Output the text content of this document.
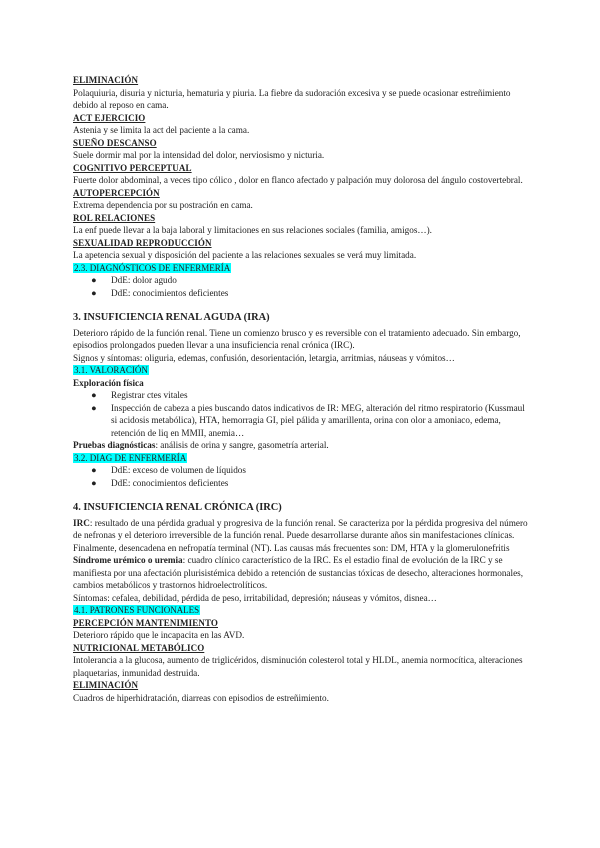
ELIMINACIÓN

Polaquiuria, disuria y nicturia, hematuria y piuria. La fiebre da sudoración excesiva y se puede ocasionar estreñimiento debido al reposo en cama.

ACT EJERCICIO

Astenia y se limita la act del paciente a la cama.

SUEÑO DESCANSO

Suele dormir mal por la intensidad del dolor, nerviosismo y nicturia.

COGNITIVO PERCEPTUAL

Fuerte dolor abdominal, a veces tipo cólico , dolor en flanco afectado y palpación muy dolorosa del ángulo costovertebral.

AUTOPERCEPCIÓN

Extrema dependencia por su postración en cama.

ROL RELACIONES

La enf puede llevar a la baja laboral y limitaciones en sus relaciones sociales (familia, amigos…).

SEXUALIDAD REPRODUCCIÓN

La apetencia sexual y disposición del paciente a las relaciones sexuales se verá muy limitada.

2.3. DIAGNÓSTICOS DE ENFERMERÍA
● DdE: dolor agudo
● DdE: conocimientos deficientes
3. INSUFICIENCIA RENAL AGUDA (IRA)

Deterioro rápido de la función renal. Tiene un comienzo brusco y es reversible con el tratamiento adecuado. Sin embargo, episodios prolongados pueden llevar a una insuficiencia renal crónica (IRC).

Signos y síntomas: oliguria, edemas, confusión, desorientación, letargia, arritmias, náuseas y vómitos…

3.1. VALORACIÓN
Exploración física
● Registrar ctes vitales
● Inspección de cabeza a pies buscando datos indicativos de IR: MEG, alteración del ritmo respiratorio (Kussmaul si acidosis metabólica), HTA, hemorragia GI, piel pálida y amarillenta, orina con olor a amoniaco, edema, retención de liq en MMII, anemia…

Pruebas diagnósticas: análisis de orina y sangre, gasometría arterial.

3.2. DIAG DE ENFERMERÍA
● DdE: exceso de volumen de líquidos
● DdE: conocimientos deficientes
4. INSUFICIENCIA RENAL CRÓNICA (IRC)

IRC: resultado de una pérdida gradual y progresiva de la función renal. Se caracteriza por la pérdida progresiva del número de nefronas y el deterioro irreversible de la función renal. Puede desarrollarse durante años sin manifestaciones clínicas. Finalmente, desencadena en nefropatía terminal (NT). Las causas más frecuentes son: DM, HTA y la glomerulonefritis

Síndrome urémico o uremia: cuadro clínico característico de la IRC. Es el estadio final de evolución de la IRC y se manifiesta por una afectación plurisistémica debido a retención de sustancias tóxicas de desecho, alteraciones hormonales, cambios metabólicos y trastornos hidroelectrolíticos.

Síntomas: cefalea, debilidad, pérdida de peso, irritabilidad, depresión; náuseas y vómitos, disnea…

4.1. PATRONES FUNCIONALES
PERCEPCIÓN MANTENIMIENTO

Deterioro rápido que le incapacita en las AVD.

NUTRICIONAL METABÓLICO

Intolerancia a la glucosa, aumento de triglicéridos, disminución colesterol total y HLDL, anemia normocítica, alteraciones plaquetarias, inmunidad destruida.

ELIMINACIÓN

Cuadros de hiperhidratación, diarreas con episodios de estreñimiento.
